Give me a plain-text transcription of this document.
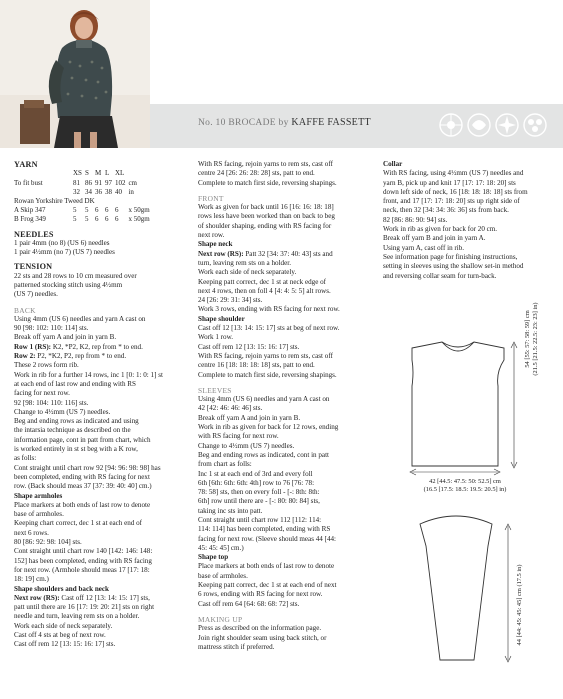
No. 10 BROCADE by KAFFE FASSETT

YARN

	XS	S	M	L	XL	
To fit bust	81	86	91	97	102	cm
	32	34	36	38	40	in
Rowan Yorkshire Tweed DK						
A Skip 347	5	5	6	6	6	x 50gm
B Frog 349	5	5	6	6	6	x 50gm

NEEDLES

1 pair 4mm (no 8) (US 6) needles

1 pair 4½mm (no 7) (US 7) needles

TENSION

22 sts and 28 rows to 10 cm measured over

patterned stocking stitch using 4½mm

(US 7) needles.

BACK

Using 4mm (US 6) needles and yarn A cast on

90 [98: 102: 110: 114] sts.

Break off yarn A and join in yarn B.

Row 1 (RS): K2, *P2, K2, rep from * to end.

Row 2: P2, *K2, P2, rep from * to end.

These 2 rows form rib.

Work in rib for a further 14 rows, inc 1 [0: 1: 0: 1] st

at each end of last row and ending with RS

facing for next row.

92 [98: 104: 110: 116] sts.

Change to 4½mm (US 7) needles.

Beg and ending rows as indicated and using

the intarsia technique as described on the

information page, cont in patt from chart, which

is worked entirely in st st beg with a K row,

as folls:

Cont straight until chart row 92 [94: 96: 98: 98] has

been completed, ending with RS facing for next

row. (Back should meas 37 [37: 39: 40: 40] cm.)

Shape armholes

Place markers at both ends of last row to denote

base of armholes.

Keeping chart correct, dec 1 st at each end of

next 6 rows.

80 [86: 92: 98: 104] sts.

Cont straight until chart row 140 [142: 146: 148:

152] has been completed, ending with RS facing

for next row. (Armhole should meas 17 [17: 18:

18: 19] cm.)

Shape shoulders and back neck

Next row (RS): Cast off 12 [13: 14: 15: 17] sts,

patt until there are 16 [17: 19: 20: 21] sts on right

needle and turn, leaving rem sts on a holder.

Work each side of neck separately.

Cast off 4 sts at beg of next row.

Cast off rem 12 [13: 15: 16: 17] sts.

With RS facing, rejoin yarns to rem sts, cast off

centre 24 [26: 26: 28: 28] sts, patt to end.

Complete to match first side, reversing shapings.

FRONT

Work as given for back until 16 [16: 16: 18: 18]

rows less have been worked than on back to beg

of shoulder shaping, ending with RS facing for

next row.

Shape neck

Next row (RS): Patt 32 [34: 37: 40: 43] sts and

turn, leaving rem sts on a holder.

Work each side of neck separately.

Keeping patt correct, dec 1 st at neck edge of

next 4 rows, then on foll 4 [4: 4: 5: 5] alt rows.

24 [26: 29: 31: 34] sts.

Work 3 rows, ending with RS facing for next row.

Shape shoulder

Cast off 12 [13: 14: 15: 17] sts at beg of next row.

Work 1 row.

Cast off rem 12 [13: 15: 16: 17] sts.

With RS facing, rejoin yarns to rem sts, cast off

centre 16 [18: 18: 18: 18] sts, patt to end.

Complete to match first side, reversing shapings.

SLEEVES

Using 4mm (US 6) needles and yarn A cast on

42 [42: 46: 46: 46] sts.

Break off yarn A and join in yarn B.

Work in rib as given for back for 12 rows, ending

with RS facing for next row.

Change to 4½mm (US 7) needles.

Beg and ending rows as indicated, cont in patt

from chart as folls:

Inc 1 st at each end of 3rd and every foll

6th [6th: 6th: 6th: 4th] row to 76 [76: 78:

78: 58] sts, then on every foll - [-: 8th: 8th:

6th] row until there are - [-: 80: 80: 84] sts,

taking inc sts into patt.

Cont straight until chart row 112 [112: 114:

114: 114] has been completed, ending with RS

facing for next row. (Sleeve should meas 44 [44:

45: 45: 45] cm.)

Shape top

Place markers at both ends of last row to denote

base of armholes.

Keeping patt correct, dec 1 st at each end of next

6 rows, ending with RS facing for next row.

Cast off rem 64 [64: 68: 68: 72] sts.

MAKING UP

Press as described on the information page.

Join right shoulder seam using back stitch, or

mattress stitch if preferred.

Collar

With RS facing, using 4½mm (US 7) needles and

yarn B, pick up and knit 17 [17: 17: 18: 20] sts

down left side of neck, 16 [18: 18: 18: 18] sts from

front, and 17 [17: 17: 18: 20] sts up right side of

neck, then 32 [34: 34: 36: 36] sts from back.

82 [86: 86: 90: 94] sts.

Work in rib as given for back for 20 cm.

Break off yarn B and join in yarn A.

Using yarn A, cast off in rib.

See information page for finishing instructions,

setting in sleeves using the shallow set-in method

and reversing collar seam for turn-back.

42 [44.5: 47.5: 50: 52.5] cm
(16.5 [17.5: 18.5: 19.5: 20.5] in)
54 [55: 57: 58: 59] cm (21.5 [21.5: 22.5: 23: 23] in)
44 [44: 45: 45: 45] cm (17.5 in)
